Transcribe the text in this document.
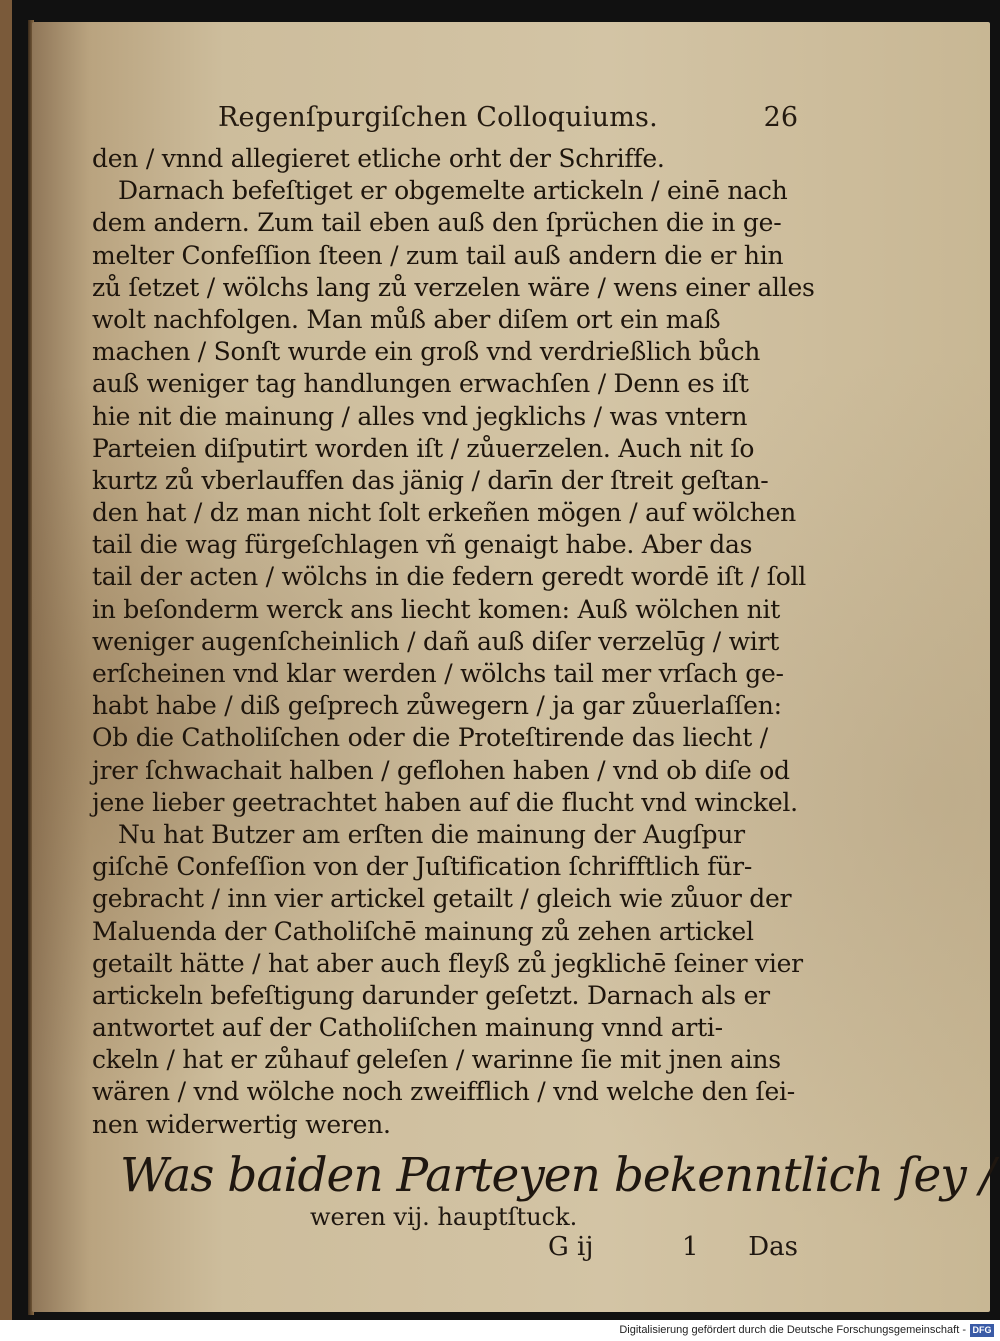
Regenſpurgiſchen Colloquiums.	26
den / vnnd allegieret etliche orht der Schriffe.
Darnach befeſtiget er obgemelte artickeln / einē nach
dem andern. Zum tail eben auß den ſprüchen die in ge-
melter Confeſſion ſteen / zum tail auß andern die er hin
zů ſetzet / wölchs lang zů verzelen wäre / wens einer alles
wolt nachfolgen. Man můß aber diſem ort ein maß
machen / Sonſt wurde ein groß vnd verdrießlich bůch
auß weniger tag handlungen erwachſen / Denn es iſt
hie nit die mainung / alles vnd jegklichs / was vntern
Parteien diſputirt worden iſt / zůuerzelen. Auch nit ſo
kurtz zů vberlauffen das jänig / darīn der ſtreit geſtan-
den hat / dz man nicht ſolt erkeñen mögen / auf wölchen
tail die wag fürgeſchlagen vñ genaigt habe. Aber das
tail der acten / wölchs in die federn geredt wordē iſt / ſoll
in beſonderm werck ans liecht komen: Auß wölchen nit
weniger augenſcheinlich / dañ auß diſer verzelūg / wirt
erſcheinen vnd klar werden / wölchs tail mer vrſach ge-
habt habe / diß geſprech zůwegern / ja gar zůuerlaſſen:
Ob die Catholiſchen oder die Proteſtirende das liecht /
jrer ſchwachait halben / geflohen haben / vnd ob diſe od
jene lieber geetrachtet haben auf die flucht vnd winckel.
Nu hat Butzer am erſten die mainung der Augſpur
giſchē Confeſſion von der Juſtification ſchrifftlich für-
gebracht / inn vier artickel getailt / gleich wie zůuor der
Maluenda der Catholiſchē mainung zů zehen artickel
getailt hätte / hat aber auch fleyß zů jegklichē ſeiner vier
artickeln befeſtigung darunder geſetzt. Darnach als er
antwortet auf der Catholiſchen mainung vnnd arti-
ckeln / hat er zůhauf geleſen / warinne ſie mit jnen ains
wären / vnd wölche noch zweifflich / vnd welche den ſei-
nen widerwertig weren.
Was baiden Parteyen bekenntlich ſey /
weren vij. hauptſtuck.
G ij	1 Das
Digitalisierung gefördert durch die Deutsche Forschungsgemeinschaft - DFG
